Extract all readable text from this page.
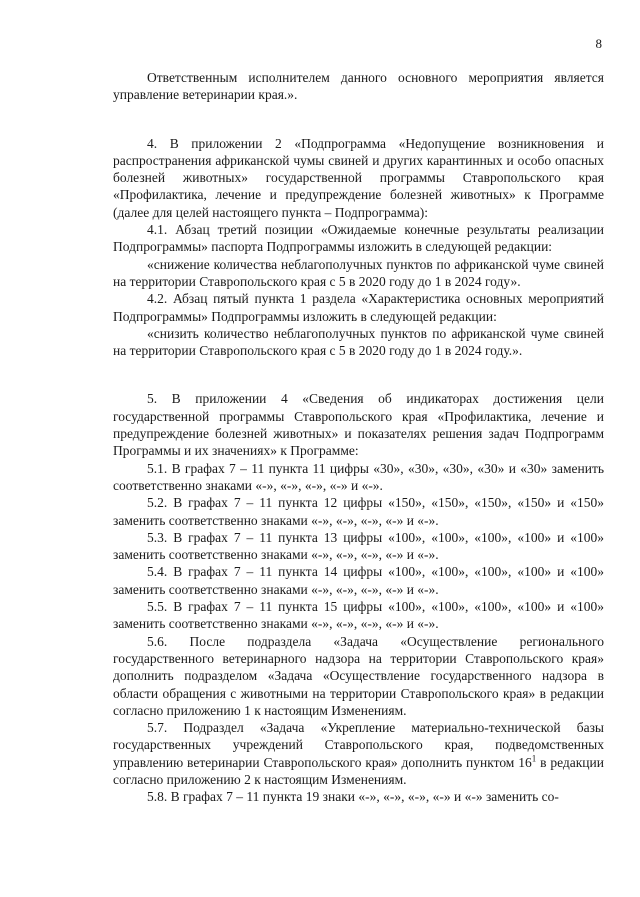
8

Ответственным исполнителем данного основного мероприятия является управление ветеринарии края.».

4. В приложении 2 «Подпрограмма «Недопущение возникновения и распространения африканской чумы свиней и других карантинных и особо опасных болезней животных» государственной программы Ставропольского края «Профилактика, лечение и предупреждение болезней животных» к Программе (далее для целей настоящего пункта – Подпрограмма):

4.1. Абзац третий позиции «Ожидаемые конечные результаты реализации Подпрограммы» паспорта Подпрограммы изложить в следующей редакции:

«снижение количества неблагополучных пунктов по африканской чуме свиней на территории Ставропольского края с 5 в 2020 году до 1 в 2024 году».

4.2. Абзац пятый пункта 1 раздела «Характеристика основных мероприятий Подпрограммы» Подпрограммы изложить в следующей редакции:

«снизить количество неблагополучных пунктов по африканской чуме свиней на территории Ставропольского края с 5 в 2020 году до 1 в 2024 году.».

5. В приложении 4 «Сведения об индикаторах достижения цели государственной программы Ставропольского края «Профилактика, лечение и предупреждение болезней животных» и показателях решения задач Подпрограмм Программы и их значениях» к Программе:

5.1. В графах 7 – 11 пункта 11 цифры «30», «30», «30», «30» и «30» заменить соответственно знаками «-», «-», «-», «-» и «-».

5.2. В графах 7 – 11 пункта 12 цифры «150», «150», «150», «150» и «150» заменить соответственно знаками «-», «-», «-», «-» и «-».

5.3. В графах 7 – 11 пункта 13 цифры «100», «100», «100», «100» и «100» заменить соответственно знаками «-», «-», «-», «-» и «-».

5.4. В графах 7 – 11 пункта 14 цифры «100», «100», «100», «100» и «100» заменить соответственно знаками «-», «-», «-», «-» и «-».

5.5. В графах 7 – 11 пункта 15 цифры «100», «100», «100», «100» и «100» заменить соответственно знаками «-», «-», «-», «-» и «-».

5.6. После подраздела «Задача «Осуществление регионального государственного ветеринарного надзора на территории Ставропольского края» дополнить подразделом «Задача «Осуществление государственного надзора в области обращения с животными на территории Ставропольского края» в редакции согласно приложению 1 к настоящим Изменениям.

5.7. Подраздел «Задача «Укрепление материально-технической базы государственных учреждений Ставропольского края, подведомственных управлению ветеринарии Ставропольского края» дополнить пунктом $16^1$ в редакции согласно приложению 2 к настоящим Изменениям.

5.8. В графах 7 – 11 пункта 19 знаки «-», «-», «-», «-» и «-» заменить со-
